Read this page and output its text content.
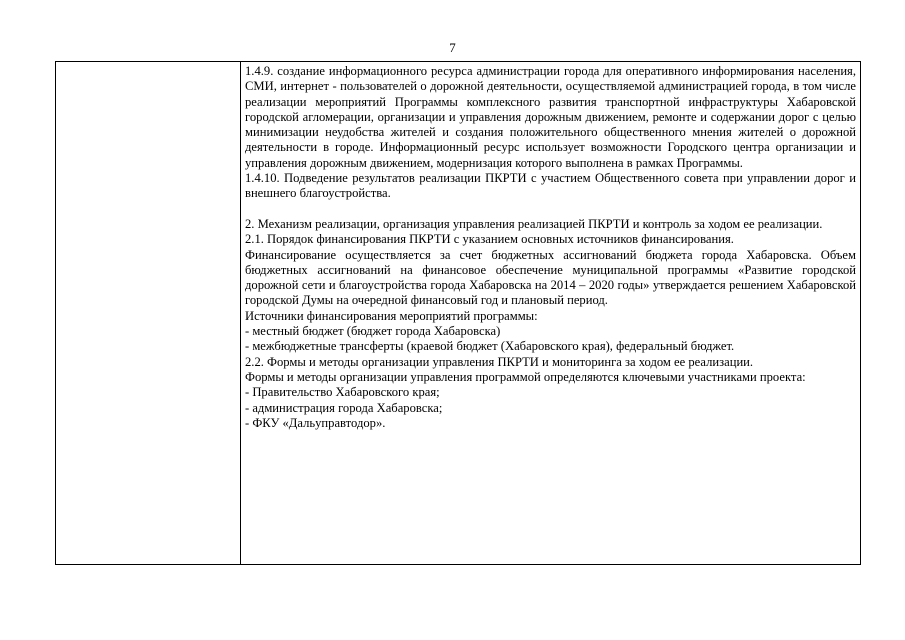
7

1.4.9. создание информационного ресурса администрации города для оперативного информирования населения, СМИ, интернет - пользователей о дорожной деятельности, осуществляемой администрацией города, в том числе реализации мероприятий Программы комплексного развития транспортной инфраструктуры Хабаровской городской агломерации, организации и управления дорожным движением, ремонте и содержании дорог с целью минимизации неудобства жителей и создания положительного общественного мнения жителей о дорожной деятельности в городе. Информационный ресурс использует возможности Городского центра организации и управления дорожным движением, модернизация которого выполнена в рамках Программы.

1.4.10. Подведение результатов реализации ПКРТИ с участием Общественного совета при управлении дорог и внешнего благоустройства.

2. Механизм реализации, организация управления реализацией ПКРТИ и контроль за ходом ее реализации.

2.1. Порядок финансирования ПКРТИ с указанием основных источников финансирования.

Финансирование осуществляется за счет бюджетных ассигнований бюджета города Хабаровска. Объем бюджетных ассигнований на финансовое обеспечение муниципальной программы «Развитие городской дорожной сети и благоустройства города Хабаровска на 2014 – 2020 годы» утверждается решением Хабаровской городской Думы на очередной финансовый год и плановый период.

Источники финансирования мероприятий программы:

- местный бюджет (бюджет города Хабаровска)

- межбюджетные трансферты (краевой бюджет (Хабаровского края), федеральный бюджет.

2.2. Формы и методы организации управления ПКРТИ и мониторинга за ходом ее реализации.

Формы и методы организации управления программой определяются ключевыми участниками проекта:

- Правительство Хабаровского края;

- администрация города Хабаровска;

- ФКУ «Дальуправтодор».
